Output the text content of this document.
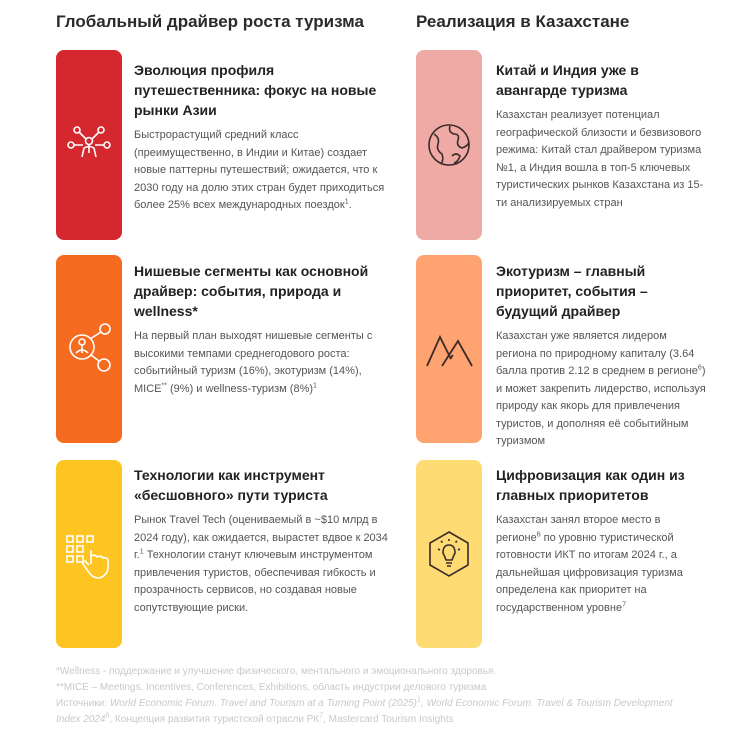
Глобальный драйвер роста туризма	Реализация в Казахстане

Эволюция профиля путешественника: фокус на новые рынки Азии

Быстрорастущий средний класс (преимущественно, в Индии и Китае) создает новые паттерны путешествий; ожидается, что к 2030 году на долю этих стран будет приходиться более 25% всех международных поездок$^1$.

Нишевые сегменты как основной драйвер: события, природа и wellness*

На первый план выходят нишевые сегменты с высокими темпами среднегодового роста: событийный туризм (16%), экотуризм (14%), MICE** (9%) и wellness-туризм $(8\%)^1$

Технологии как инструмент «бесшовного» пути туриста

Рынок Travel Tech (оцениваемый в ~$10 млрд в 2024 году), как ожидается, вырастет вдвое к 2034 г.$^1$ Технологии станут ключевым инструментом привлечения туристов, обеспечивая гибкость и прозрачность сервисов, но создавая новые сопутствующие риски.

Китай и Индия уже в авангарде туризма

Казахстан реализует потенциал географической близости и безвизового режима: Китай стал драйвером туризма №1, а Индия вошла в топ-5 ключевых туристических рынков Казахстана из 15-ти анализируемых стран

Экотуризм – главный приоритет, события – будущий драйвер

Казахстан уже является лидером региона по природному капиталу (3.64 балла против 2.12 в среднем в регионе$^6$) и может закрепить лидерство, используя природу как якорь для привлечения туристов, и дополняя её событийным туризмом

Цифровизация как один из главных приоритетов

Казахстан занял второе место в регионе$^6$ по уровню туристической готовности ИКТ по итогам 2024 г., а дальнейшая цифровизация туризма определена как приоритет на государственном уровне$^7$

*Wellness - поддержание и улучшение физического, ментального и эмоционального здоровья.

**MICE – Meetings, Incentives, Conferences, Exhibitions, область индустрии делового туризма

Источники: World Economic Forum. Travel and Tourism at a Turning Point $(2025)^1$, World Economic Forum. Travel & Tourism Development Index 2024$^6$, Концепция развития туристской отрасли $РК^7$, Mastercard Tourism Insights
